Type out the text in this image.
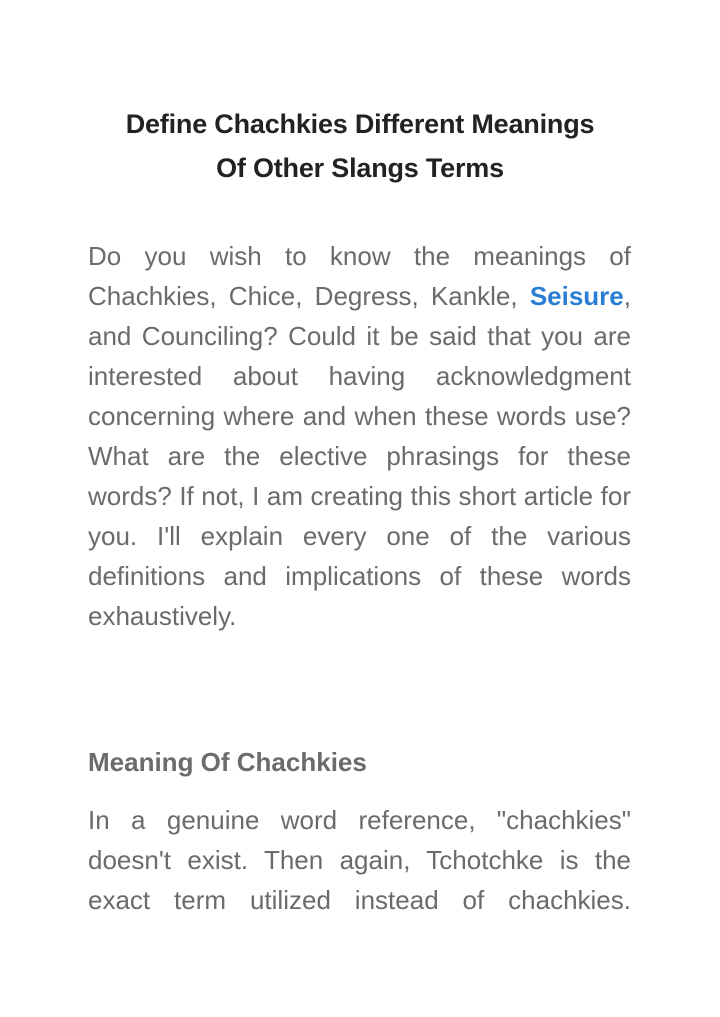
Define Chachkies Different Meanings
Of Other Slangs Terms

Do you wish to know the meanings of Chachkies, Chice, Degress, Kankle, Seisure, and Counciling? Could it be said that you are interested about having acknowledgment concerning where and when these words use? What are the elective phrasings for these words? If not, I am creating this short article for you. I'll explain every one of the various definitions and implications of these words exhaustively.

Meaning Of Chachkies

In a genuine word reference, "chachkies" doesn't exist. Then again, Tchotchke is the exact term utilized instead of chachkies.
